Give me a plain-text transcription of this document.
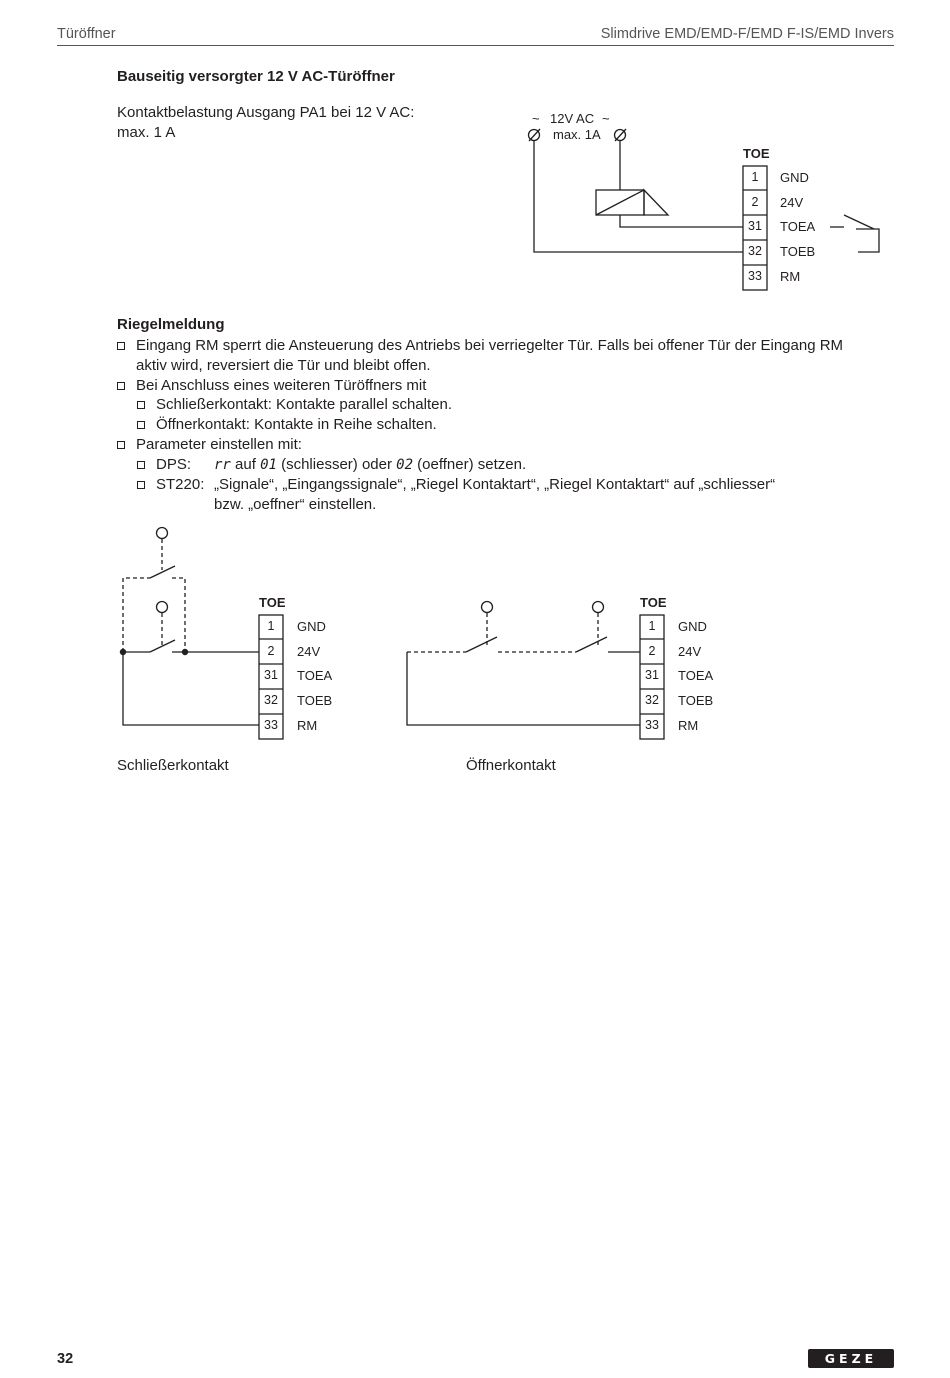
Türöffner	Slimdrive EMD/EMD-F/EMD F-IS/EMD Invers
Bauseitig versorgter 12 V AC-Türöffner
Kontaktbelastung Ausgang PA1 bei 12 V AC:
max. 1 A
~ 12V AC ~
max. 1A
TOE
1
2
31
32
33
GND
24V
TOEA
TOEB
RM
Riegelmeldung
Eingang RM sperrt die Ansteuerung des Antriebs bei verriegelter Tür. Falls bei offener Tür der Eingang RM
aktiv wird, reversiert die Tür und bleibt offen.
Bei Anschluss eines weiteren Türöffners mit
Schließerkontakt: Kontakte parallel schalten.
Öffnerkontakt: Kontakte in Reihe schalten.
Parameter einstellen mit:
DPS: rr auf 01 (schliesser) oder 02 (oeffner) setzen.
ST220: „Signale“, „Eingangssignale“, „Riegel Kontaktart“, „Riegel Kontaktart“ auf „schliesser“
bzw. „oeffner“ einstellen.
TOE
1
2
31
32
33
GND
24V
TOEA
TOEB
RM
Schließerkontakt
TOE
1
2
31
32
33
GND
24V
TOEA
TOEB
RM
Öffnerkontakt
32	GEZE
